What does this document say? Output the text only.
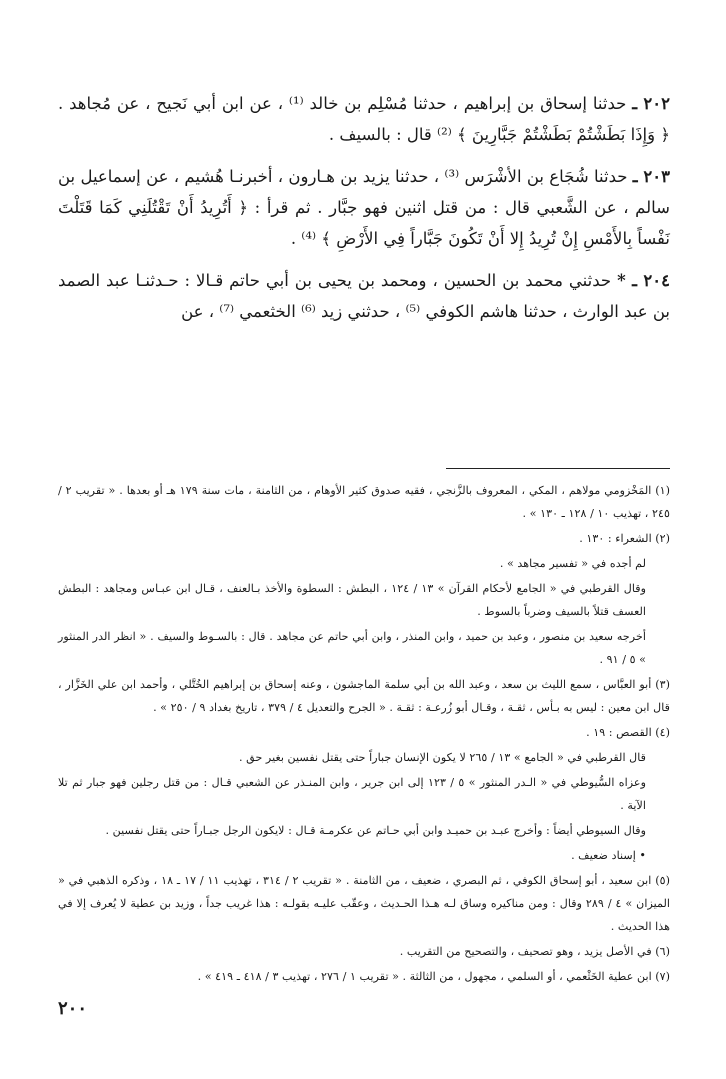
٢٠٢ ـ حدثنا إسحاق بن إبراهيم ، حدثنا مُسْلِم بن خالد ⁽¹⁾ ، عن ابن أبي نَجيح ، عن مُجاهد . ﴿ وَإِذَا بَطَشْتُمْ بَطَشْتُمْ جَبَّارِينَ ﴾ ⁽²⁾ قال : بالسيف .

٢٠٣ ـ حدثنا شُجَاع بن الأشْرَس ⁽³⁾ ، حدثنا يزيد بن هـارون ، أخبرنـا هُشيم ، عن إسماعيل بن سالم ، عن الشَّعبي قال : من قتل اثنين فهو جبَّار . ثم قرأ : ﴿ أَتُرِيدُ أَنْ تَقْتُلَنِي كَمَا قَتَلْتَ نَفْساً بِالأَمْسِ إِنْ تُرِيدُ إِلا أَنْ تَكُونَ جَبَّاراً فِي الأَرْضِ ﴾ ⁽⁴⁾ .

٢٠٤ ـ * حدثني محمد بن الحسين ، ومحمد بن يحيى بن أبي حاتم قـالا : حـدثنـا عبد الصمد بن عبد الوارث ، حدثنا هاشم الكوفي ⁽⁵⁾ ، حدثني زيد ⁽⁶⁾ الخثعمي ⁽⁷⁾ ، عن

(١) المَخْزومي مولاهم ، المكي ، المعروف بالزَّنجي ، فقيه صدوق كثير الأوهام ، من الثامنة ، مات سنة ١٧٩ هـ أو بعدها . « تقريب ٢ / ٢٤٥ ، تهذيب ١٠ / ١٢٨ ـ ١٣٠ » .

(٢) الشعراء : ١٣٠ .

لم أجده في « تفسير مجاهد » .

وقال القرطبي في « الجامع لأحكام القرآن » ١٣ / ١٢٤ ، البطش : السطوة والأخذ بـالعنف ، قـال ابن عبـاس ومجاهد : البطش العسف قتلاً بالسيف وضرباً بالسوط .

أخرجه سعيد بن منصور ، وعبد بن حميد ، وابن المنذر ، وابن أبي حاتم عن مجاهد . قال : بالسـوط والسيف . « انظر الدر المنثور » ٥ / ٩١ .

(٣) أبو العبَّاس ، سمع الليث بن سعد ، وعبد الله بن أبي سلمة الماجشون ، وعنه إسحاق بن إبراهيم الخُتَّلي ، وأحمد ابن علي الخَزَّار ، قال ابن معين : ليس به بـأس ، ثقـة ، وقـال أبو زُرعـة : ثقـة . « الجرح والتعديل ٤ / ٣٧٩ ، تاريخ بغداد ٩ / ٢٥٠ » .

(٤) القصص : ١٩ .

قال القرطبي في « الجامع » ١٣ / ٢٦٥ لا يكون الإنسان جباراً حتى يقتل نفسين بغير حق .

وعزاه السُّيوطي في « الـدر المنثور » ٥ / ١٢٣ إلى ابن جرير ، وابن المنـذر عن الشعبي قـال : من قتل رجلين فهو جبار ثم تلا الآية .

وقال السيوطي أيضاً : وأخرج عبـد بن حميـد وابن أبي حـاتم عن عكرمـة قـال : لايكون الرجل جبـاراً حتى يقتل نفسين .

• إسناد ضعيف .

(٥) ابن سعيد ، أبو إسحاق الكوفي ، ثم البصري ، ضعيف ، من الثامنة . « تقريب ٢ / ٣١٤ ، تهذيب ١١ / ١٧ ـ ١٨ ، وذكره الذهبي في « الميزان » ٤ / ٢٨٩ وقال : ومن مناكيره وساق لـه هـذا الحـديث ، وعقّب عليـه بقولـه : هذا غريب جداً ، وزيد بن عطية لا يُعرف إلا في هذا الحديث .

(٦) في الأصل يزيد ، وهو تصحيف ، والتصحيح من التقريب .

(٧) ابن عطية الخَثْعمي ، أو السلمي ، مجهول ، من الثالثة . « تقريب ١ / ٢٧٦ ، تهذيب ٣ / ٤١٨ ـ ٤١٩ » .

٢٠٠
